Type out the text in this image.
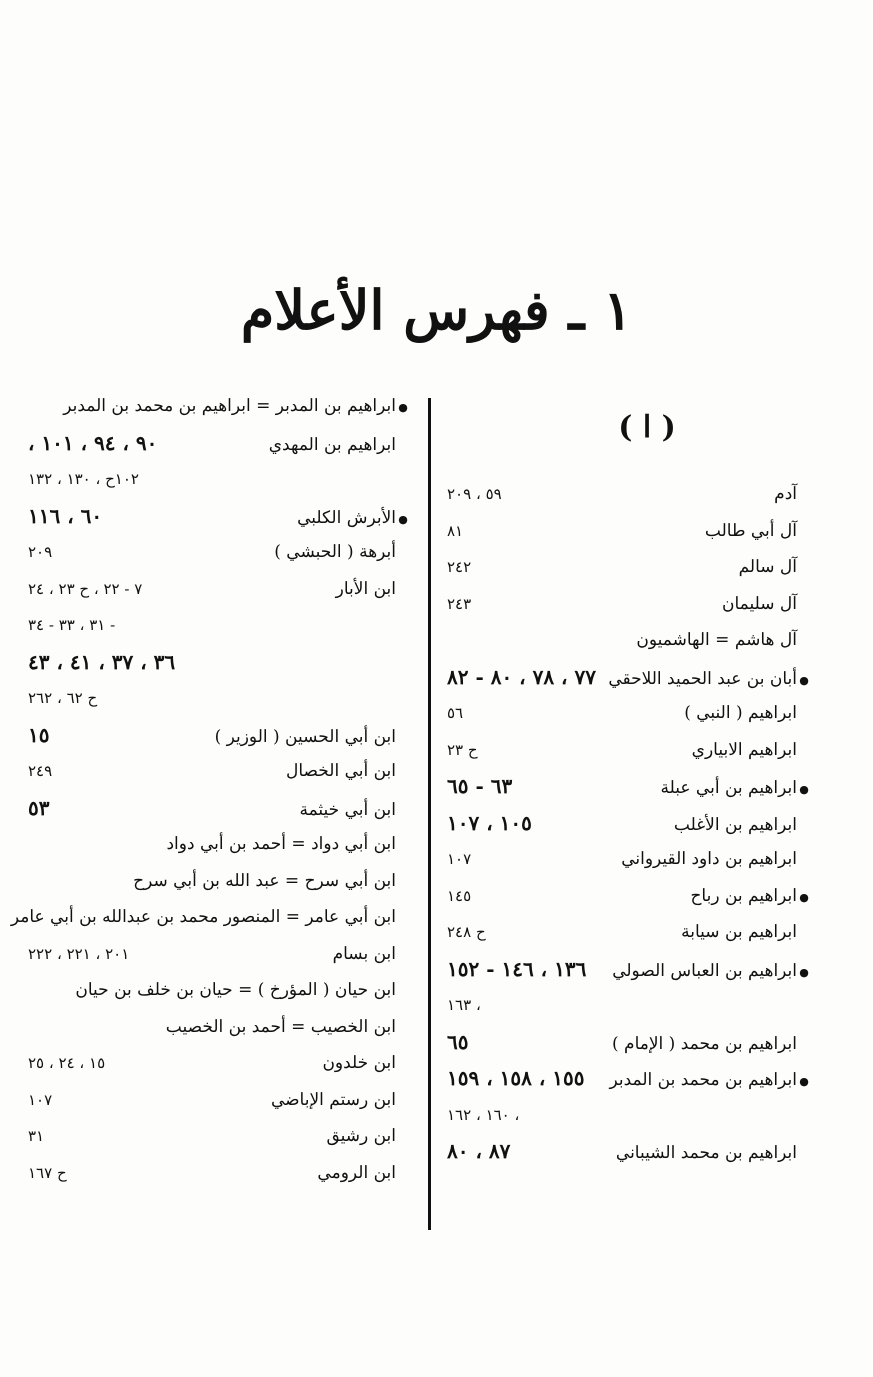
١ ـ فهرس الأعلام
( ا )
آدم
٥٩ ، ٢٠٩
آل أبي طالب
٨١
آل سالم
٢٤٢
آل سليمان
٢٤٣
آل هاشم = الهاشميون
●
أبان بن عبد الحميد اللاحقي
٧٧ ، ٧٨ ، ٨٠ - ٨٢
ابراهيم ( النبي )
٥٦
ابراهيم الابياري
ح ٢٣
●
ابراهيم بن أبي عبلة
٦٣ - ٦٥
ابراهيم بن الأغلب
١٠٥ ، ١٠٧
ابراهيم بن داود القيرواني
١٠٧
●
ابراهيم بن رباح
١٤٥
ابراهيم بن سيابة
ح ٢٤٨
●
ابراهيم بن العباس الصولي
١٣٦ ، ١٤٦ - ١٥٢
، ١٦٣
ابراهيم بن محمد ( الإمام )
٦٥
●
ابراهيم بن محمد بن المدبر
١٥٥ ، ١٥٨ ، ١٥٩
، ١٦٠ ، ١٦٢
ابراهيم بن محمد الشيباني
٨٧ ، ٨٠
●
ابراهيم بن المدبر = ابراهيم بن محمد بن المدبر
ابراهيم بن المهدي
٩٠ ، ٩٤ ، ١٠١ ،
١٠٢ح ، ١٣٠ ، ١٣٢
●
الأبرش الكلبي
٦٠ ، ١١٦
أبرهة ( الحبشي )
٢٠٩
ابن الأبار
٧ - ٢٢ ، ح ٢٣ ، ٢٤
- ٣١ ، ٣٣ - ٣٤
٣٦ ، ٣٧ ، ٤١ ، ٤٣
ح ٦٢ ، ٢٦٢
ابن أبي الحسين ( الوزير )
١٥
ابن أبي الخصال
٢٤٩
ابن أبي خيثمة
٥٣
ابن أبي دواد = أحمد بن أبي دواد
ابن أبي سرح = عبد الله بن أبي سرح
ابن أبي عامر = المنصور محمد بن عبدالله بن أبي عامر
ابن بسام
٢٠١ ، ٢٢١ ، ٢٢٢
ابن حيان ( المؤرخ ) = حيان بن خلف بن حيان
ابن الخصيب = أحمد بن الخصيب
ابن خلدون
١٥ ، ٢٤ ، ٢٥
ابن رستم الإباضي
١٠٧
ابن رشيق
٣١
ابن الرومي
ح ١٦٧
